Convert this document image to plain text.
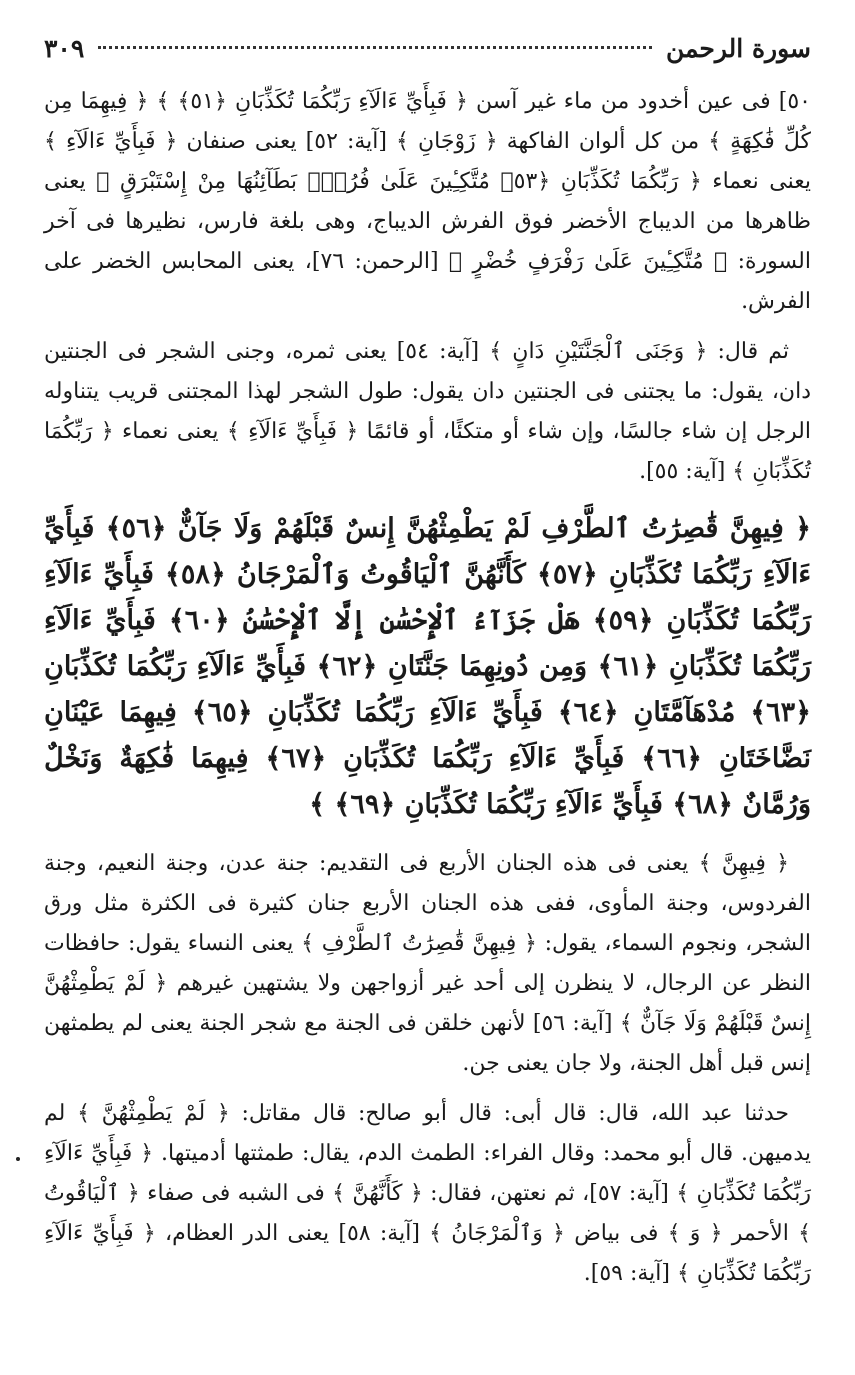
سورة الرحمن
٣٠٩

٥٠] فى عين أخدود من ماء غير آسن ﴿ فَبِأَيِّ ءَالَآءِ رَبِّكُمَا تُكَذِّبَانِ ﴿٥١﴾ ﴾ ﴿ فِيهِمَا مِن كُلِّ فَٰكِهَةٍ ﴾ من كل ألوان الفاكهة ﴿ زَوْجَانِ ﴾ [آية: ٥٢] يعنى صنفان ﴿ فَبِأَيِّ ءَالَآءِ ﴾ يعنى نعماء ﴿ رَبِّكُمَا تُكَذِّبَانِ ﴿٥٣﴾ مُتَّكِـِٔينَ عَلَىٰ فُرُشٍۭ بَطَآئِنُهَا مِنْ إِسْتَبْرَقٍ ﴾ يعنى ظاهرها من الديباج الأخضر فوق الفرش الديباج، وهى بلغة فارس، نظيرها فى آخر السورة: ﴿ مُتَّكِـِٔينَ عَلَىٰ رَفْرَفٍ خُضْرٍ ﴾ [الرحمن: ٧٦]، يعنى المحابس الخضر على الفرش.

ثم قال: ﴿ وَجَنَى ٱلْجَنَّتَيْنِ دَانٍ ﴾ [آية: ٥٤] يعنى ثمره، وجنى الشجر فى الجنتين دان، يقول: ما يجتنى فى الجنتين دان يقول: طول الشجر لهذا المجتنى قريب يتناوله الرجل إن شاء جالسًا، وإن شاء أو متكئًا، أو قائمًا ﴿ فَبِأَيِّ ءَالَآءِ ﴾ يعنى نعماء ﴿ رَبِّكُمَا تُكَذِّبَانِ ﴾ [آية: ٥٥].

﴿ فِيهِنَّ قَٰصِرَٰتُ ٱلطَّرْفِ لَمْ يَطْمِثْهُنَّ إِنسٌ قَبْلَهُمْ وَلَا جَآنٌّ ﴿٥٦﴾ فَبِأَيِّ ءَالَآءِ رَبِّكُمَا تُكَذِّبَانِ ﴿٥٧﴾ كَأَنَّهُنَّ ٱلْيَاقُوتُ وَٱلْمَرْجَانُ ﴿٥٨﴾ فَبِأَيِّ ءَالَآءِ رَبِّكُمَا تُكَذِّبَانِ ﴿٥٩﴾ هَلْ جَزَآءُ ٱلْإِحْسَٰنِ إِلَّا ٱلْإِحْسَٰنُ ﴿٦٠﴾ فَبِأَيِّ ءَالَآءِ رَبِّكُمَا تُكَذِّبَانِ ﴿٦١﴾ وَمِن دُونِهِمَا جَنَّتَانِ ﴿٦٢﴾ فَبِأَيِّ ءَالَآءِ رَبِّكُمَا تُكَذِّبَانِ ﴿٦٣﴾ مُدْهَآمَّتَانِ ﴿٦٤﴾ فَبِأَيِّ ءَالَآءِ رَبِّكُمَا تُكَذِّبَانِ ﴿٦٥﴾ فِيهِمَا عَيْنَانِ نَضَّاخَتَانِ ﴿٦٦﴾ فَبِأَيِّ ءَالَآءِ رَبِّكُمَا تُكَذِّبَانِ ﴿٦٧﴾ فِيهِمَا فَٰكِهَةٌ وَنَخْلٌ وَرُمَّانٌ ﴿٦٨﴾ فَبِأَيِّ ءَالَآءِ رَبِّكُمَا تُكَذِّبَانِ ﴿٦٩﴾ ﴾

﴿ فِيهِنَّ ﴾ يعنى فى هذه الجنان الأربع فى التقديم: جنة عدن، وجنة النعيم، وجنة الفردوس، وجنة المأوى، ففى هذه الجنان الأربع جنان كثيرة فى الكثرة مثل ورق الشجر، ونجوم السماء، يقول: ﴿ فِيهِنَّ قَٰصِرَٰتُ ٱلطَّرْفِ ﴾ يعنى النساء يقول: حافظات النظر عن الرجال، لا ينظرن إلى أحد غير أزواجهن ولا يشتهين غيرهم ﴿ لَمْ يَطْمِثْهُنَّ إِنسٌ قَبْلَهُمْ وَلَا جَآنٌّ ﴾ [آية: ٥٦] لأنهن خلقن فى الجنة مع شجر الجنة يعنى لم يطمثهن إنس قبل أهل الجنة، ولا جان يعنى جن.

حدثنا عبد الله، قال: قال أبى: قال أبو صالح: قال مقاتل: ﴿ لَمْ يَطْمِثْهُنَّ ﴾ لم يدميهن. قال أبو محمد: وقال الفراء: الطمث الدم، يقال: طمثتها أدميتها. ﴿ فَبِأَيِّ ءَالَآءِ رَبِّكُمَا تُكَذِّبَانِ ﴾ [آية: ٥٧]، ثم نعتهن، فقال: ﴿ كَأَنَّهُنَّ ﴾ فى الشبه فى صفاء ﴿ ٱلْيَاقُوتُ ﴾ الأحمر ﴿ وَ ﴾ فى بياض ﴿ وَٱلْمَرْجَانُ ﴾ [آية: ٥٨] يعنى الدر العظام، ﴿ فَبِأَيِّ ءَالَآءِ رَبِّكُمَا تُكَذِّبَانِ ﴾ [آية: ٥٩].
